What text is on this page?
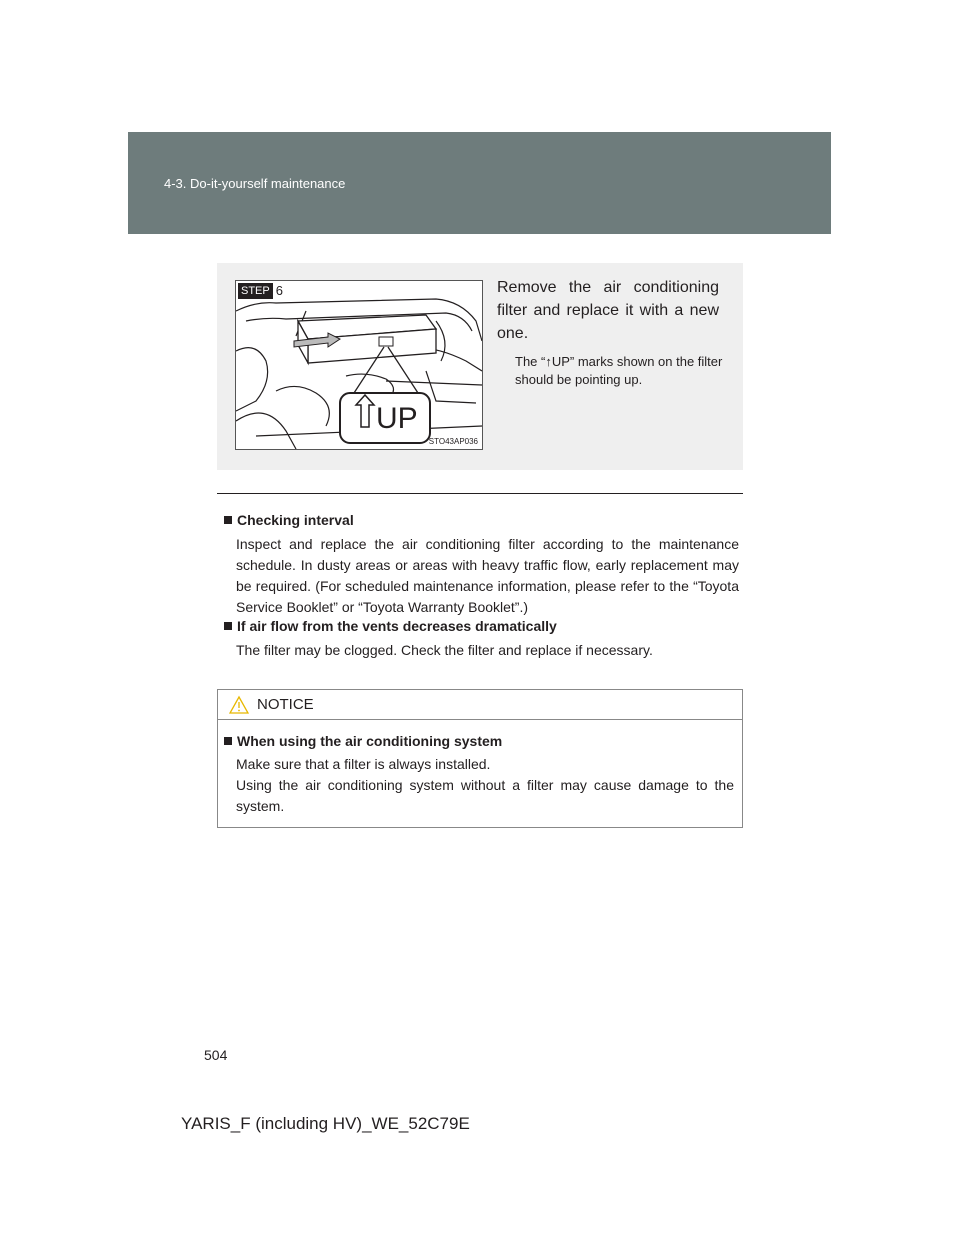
4-3. Do-it-yourself maintenance
UP
STEP 6
STO43AP036
Remove the air conditioning filter and replace it with a new one.
The “↑UP” marks shown on the filter should be pointing up.
Checking interval
Inspect and replace the air conditioning filter according to the maintenance schedule. In dusty areas or areas with heavy traffic flow, early replacement may be required. (For scheduled maintenance information, please refer to the “Toyota Service Booklet” or “Toyota Warranty Booklet”.)
If air flow from the vents decreases dramatically
The filter may be clogged. Check the filter and replace if necessary.
NOTICE
When using the air conditioning system
Make sure that a filter is always installed.
Using the air conditioning system without a filter may cause damage to the system.
504
YARIS_F (including HV)_WE_52C79E
